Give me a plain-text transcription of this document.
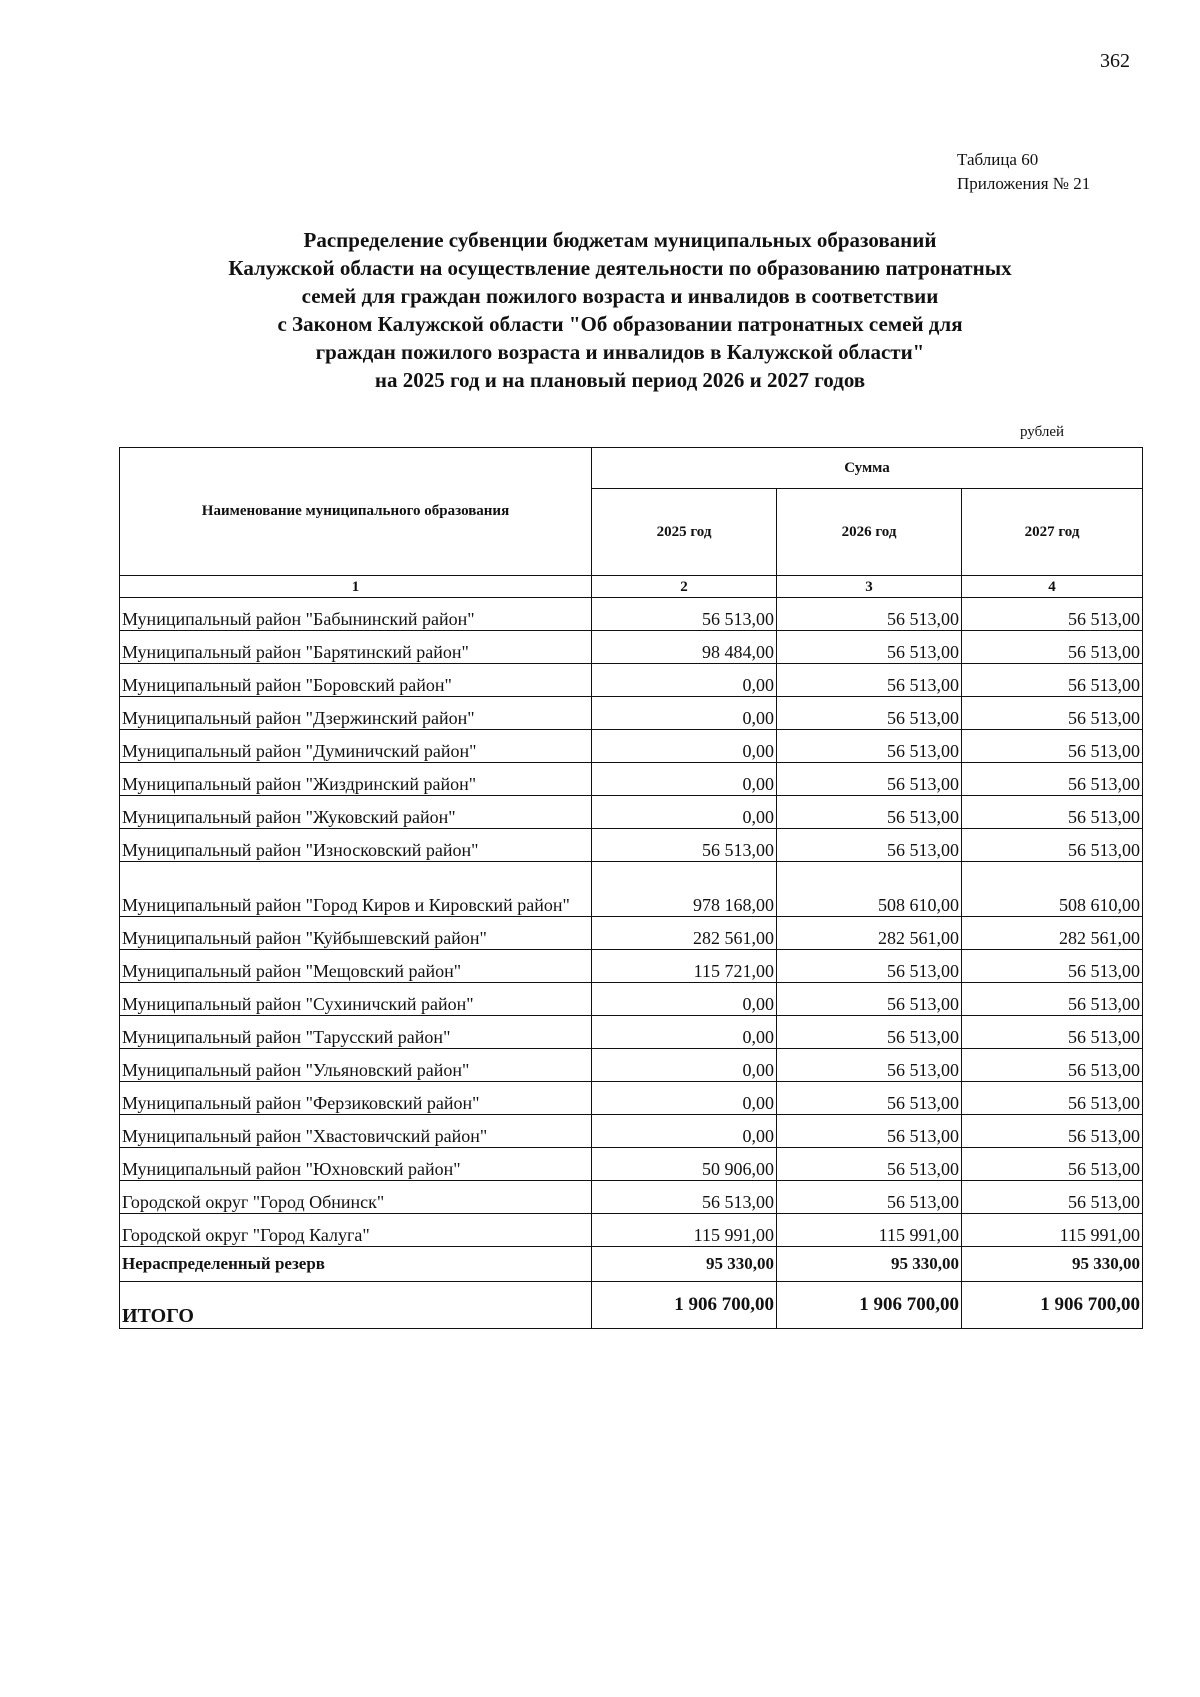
362
Таблица 60
Приложения № 21
Распределение субвенции бюджетам муниципальных образований
Калужской области на осуществление деятельности по образованию патронатных
семей для граждан пожилого возраста и инвалидов в соответствии
с Законом Калужской области "Об образовании патронатных семей для
граждан пожилого возраста и инвалидов в Калужской области"
на 2025 год и на плановый период 2026 и 2027 годов
рублей
Наименование муниципального образования	Сумма		
	2025 год	2026 год	2027 год
1	2	3	4
Муниципальный район "Бабынинский район"	56 513,00	56 513,00	56 513,00
Муниципальный район "Барятинский район"	98 484,00	56 513,00	56 513,00
Муниципальный район "Боровский район"	0,00	56 513,00	56 513,00
Муниципальный район "Дзержинский район"	0,00	56 513,00	56 513,00
Муниципальный район "Думиничский район"	0,00	56 513,00	56 513,00
Муниципальный район "Жиздринский район"	0,00	56 513,00	56 513,00
Муниципальный район "Жуковский район"	0,00	56 513,00	56 513,00
Муниципальный район "Износковский район"	56 513,00	56 513,00	56 513,00
Муниципальный район "Город Киров и Кировский район"	978 168,00	508 610,00	508 610,00
Муниципальный район "Куйбышевский район"	282 561,00	282 561,00	282 561,00
Муниципальный район "Мещовский район"	115 721,00	56 513,00	56 513,00
Муниципальный район "Сухиничский район"	0,00	56 513,00	56 513,00
Муниципальный район "Тарусский район"	0,00	56 513,00	56 513,00
Муниципальный район "Ульяновский район"	0,00	56 513,00	56 513,00
Муниципальный район "Ферзиковский район"	0,00	56 513,00	56 513,00
Муниципальный район "Хвастовичский район"	0,00	56 513,00	56 513,00
Муниципальный район "Юхновский район"	50 906,00	56 513,00	56 513,00
Городской округ "Город Обнинск"	56 513,00	56 513,00	56 513,00
Городской округ "Город Калуга"	115 991,00	115 991,00	115 991,00
Нераспределенный резерв	95 330,00	95 330,00	95 330,00
ИТОГО	1 906 700,00	1 906 700,00	1 906 700,00
